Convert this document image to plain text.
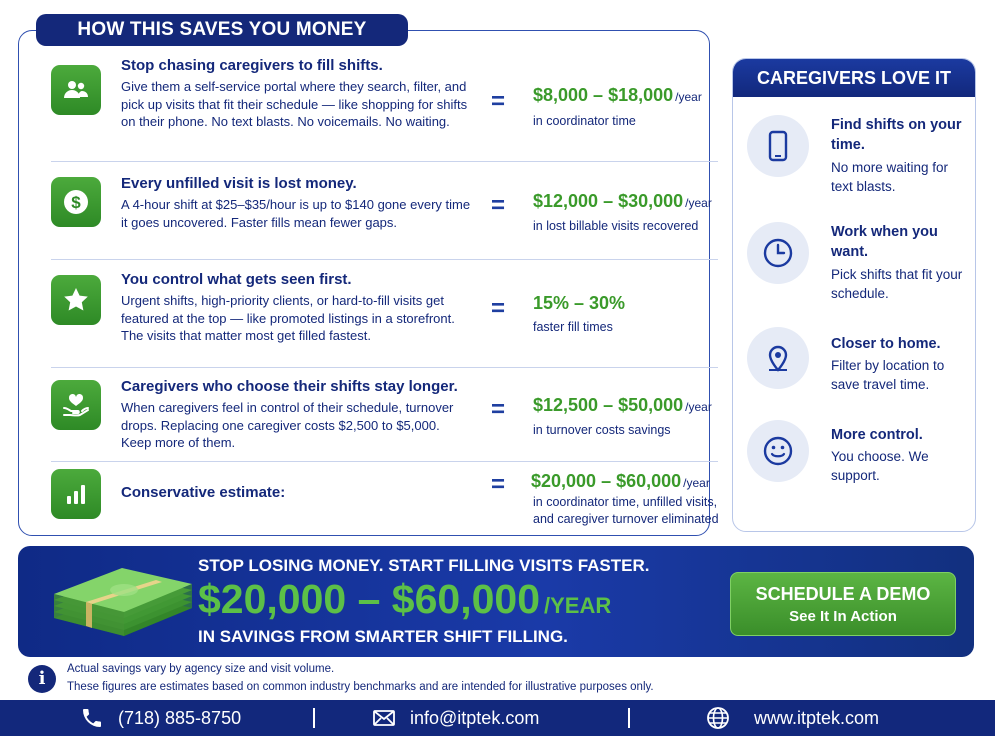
HOW THIS SAVES YOU MONEY
Stop chasing caregivers to fill shifts.
Give them a self-service portal where they search, filter, and pick up visits that fit their schedule — like shopping for shifts on their phone. No text blasts. No voicemails. No waiting.
= $8,000 – $18,000 /year
in coordinator time
$
Every unfilled visit is lost money.
A 4-hour shift at $25–$35/hour is up to $140 gone every time it goes uncovered. Faster fills mean fewer gaps.
= $12,000 – $30,000 /year
in lost billable visits recovered
You control what gets seen first.
Urgent shifts, high-priority clients, or hard-to-fill visits get featured at the top — like promoted listings in a storefront. The visits that matter most get filled fastest.
= 15% – 30%
faster fill times
Caregivers who choose their shifts stay longer.
When caregivers feel in control of their schedule, turnover drops. Replacing one caregiver costs $2,500 to $5,000. Keep more of them.
= $12,500 – $50,000 /year
in turnover costs savings
Conservative estimate:	= $20,000 – $60,000 /year
in coordinator time, unfilled visits, and caregiver turnover eliminated
CAREGIVERS LOVE IT
Find shifts on your time.
No more waiting for text blasts.
Work when you want.
Pick shifts that fit your schedule.
Closer to home.
Filter by location to save travel time.
More control.
You choose. We support.
STOP LOSING MONEY. START FILLING VISITS FASTER.
$20,000 – $60,000 /YEAR
IN SAVINGS FROM SMARTER SHIFT FILLING.
SCHEDULE A DEMO
See It In Action
i	Actual savings vary by agency size and visit volume.
These figures are estimates based on common industry benchmarks and are intended for illustrative purposes only.
(718) 885-8750	info@itptek.com	www.itptek.com
